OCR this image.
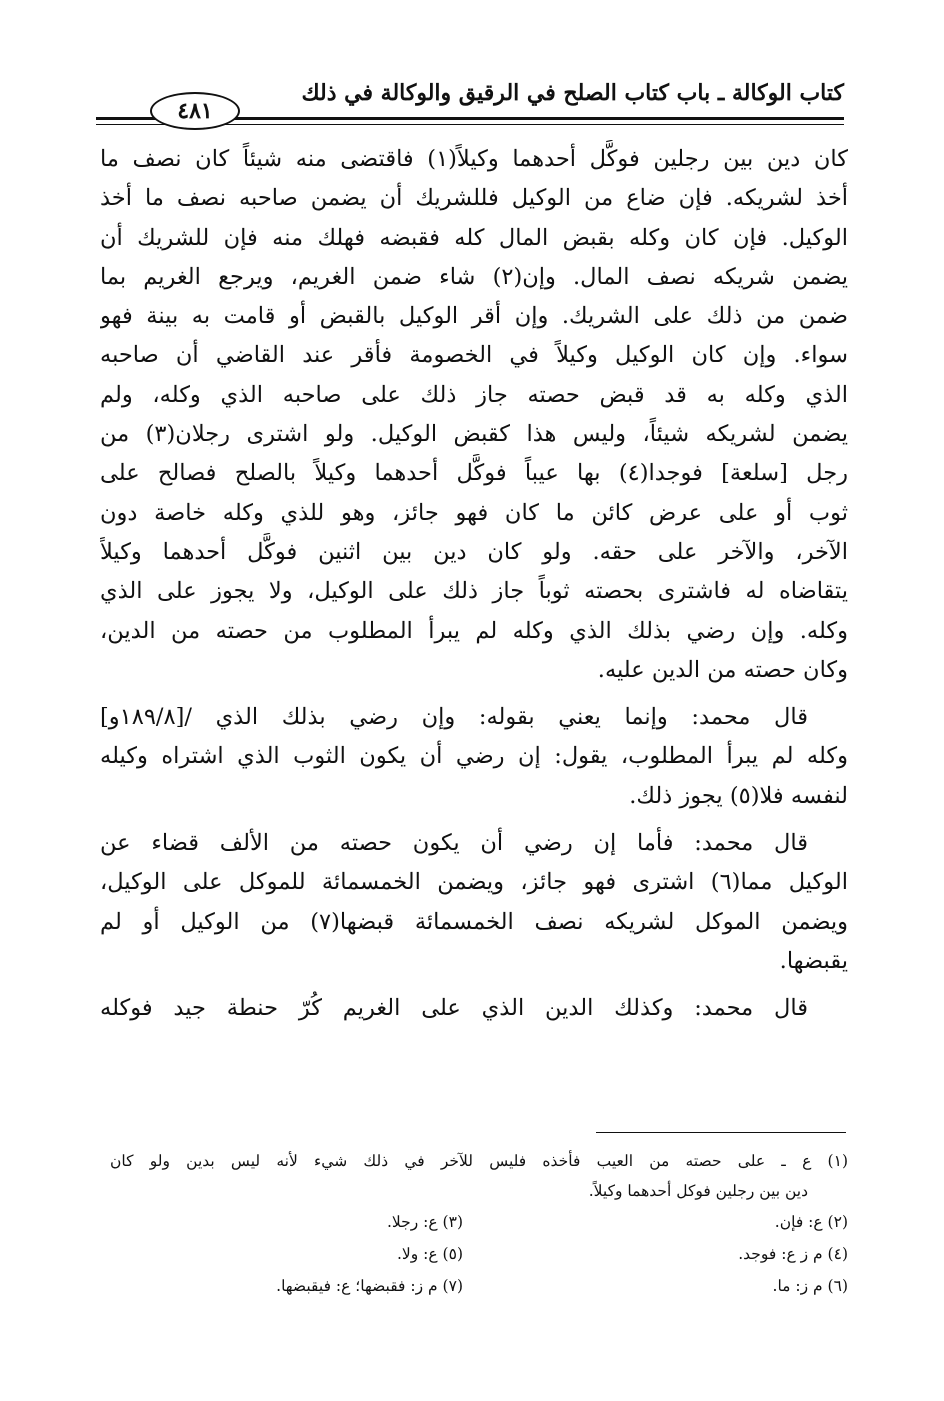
كتاب الوكالة ـ باب كتاب الصلح في الرقيق والوكالة في ذلك
٤٨١
كان دين بين رجلين فوكَّل أحدهما وكيلاً(١) فاقتضى منه شيئاً كان نصف ما
أخذ لشريكه. فإن ضاع من الوكيل فللشريك أن يضمن صاحبه نصف ما أخذ
الوكيل. فإن كان وكله بقبض المال كله فقبضه فهلك منه فإن للشريك أن
يضمن شريكه نصف المال. وإن(٢) شاء ضمن الغريم، ويرجع الغريم بما
ضمن من ذلك على الشريك. وإن أقر الوكيل بالقبض أو قامت به بينة فهو
سواء. وإن كان الوكيل وكيلاً في الخصومة فأقر عند القاضي أن صاحبه
الذي وكله به قد قبض حصته جاز ذلك على صاحبه الذي وكله، ولم
يضمن لشريكه شيئاً، وليس هذا كقبض الوكيل. ولو اشترى رجلان(٣) من
رجل [سلعة] فوجدا(٤) بها عيباً فوكَّل أحدهما وكيلاً بالصلح فصالح على
ثوب أو على عرض كائن ما كان فهو جائز، وهو للذي وكله خاصة دون
الآخر، والآخر على حقه. ولو كان دين بين اثنين فوكَّل أحدهما وكيلاً
يتقاضاه له فاشترى بحصته ثوباً جاز ذلك على الوكيل، ولا يجوز على الذي
وكله. وإن رضي بذلك الذي وكله لم يبرأ المطلوب من حصته من الدين،
وكان حصته من الدين عليه.
قال محمد: وإنما يعني بقوله: وإن رضي بذلك الذي /[١٨٩/٨و]
وكله لم يبرأ المطلوب، يقول: إن رضي أن يكون الثوب الذي اشتراه وكيله
لنفسه فلا(٥) يجوز ذلك.
قال محمد: فأما إن رضي أن يكون حصته من الألف قضاء عن
الوكيل مما(٦) اشترى فهو جائز، ويضمن الخمسمائة للموكل على الوكيل،
ويضمن الموكل لشريكه نصف الخمسمائة قبضها(٧) من الوكيل أو لم
يقبضها.
قال محمد: وكذلك الدين الذي على الغريم كُرّ حنطة جيد فوكله
(١) ع ـ على حصته من العيب فأخذه فليس للآخر في ذلك شيء لأنه ليس بدين ولو كان
دين بين رجلين فوكل أحدهما وكيلاً.
(٢) ع: فإن.
(٣) ع: رجلا.
(٤) م ز ع: فوجد.
(٥) ع: ولا.
(٦) م ز: ما.
(٧) م ز: فقبضها؛ ع: فيقبضها.
